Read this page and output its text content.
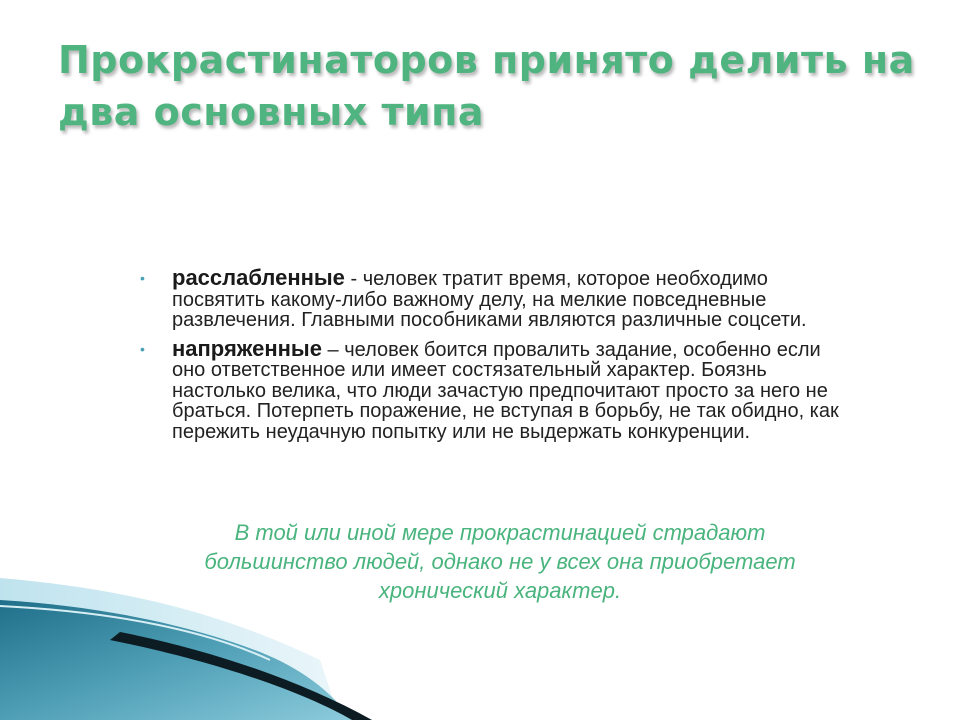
Прокрастинаторов принято делить на два основных типа
• расслабленные - человек тратит время, которое необходимо посвятить какому-либо важному делу, на мелкие повседневные развлечения. Главными пособниками являются различные соцсети.
• напряженные – человек боится провалить задание, особенно если оно ответственное или имеет состязательный характер. Боязнь настолько велика, что люди зачастую предпочитают просто за него не браться. Потерпеть поражение, не вступая в борьбу, не так обидно, как пережить неудачную попытку или не выдержать конкуренции.

В той или иной мере прокрастинацией страдают большинство людей, однако не у всех она приобретает хронический характер.
